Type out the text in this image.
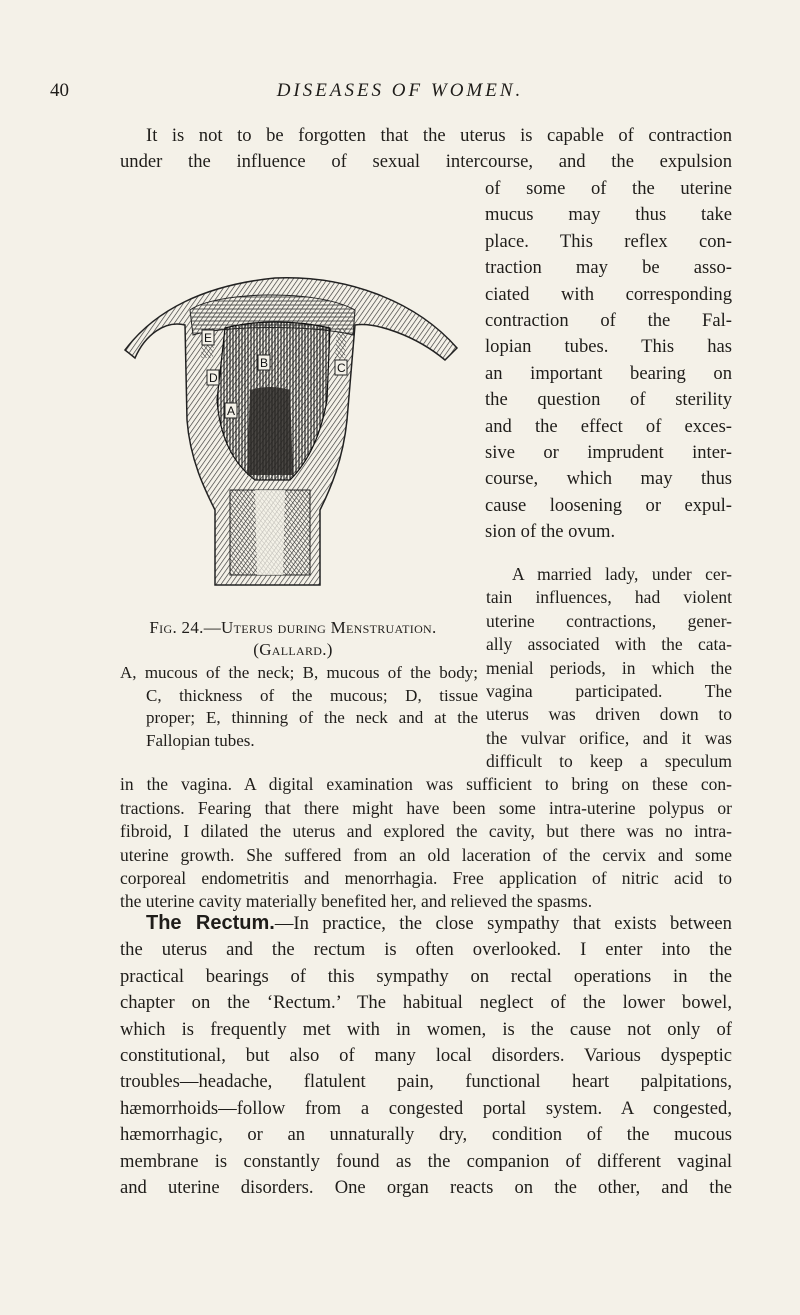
40	DISEASES OF WOMEN.
It is not to be forgotten that the uterus is capable of contraction
under the influence of sexual intercourse, and the expulsion
of some of the uterine
mucus may thus take
place. This reflex con-
traction may be asso-
ciated with corresponding
contraction of the Fal-
lopian tubes. This has
an important bearing on
the question of sterility
and the effect of exces-
sive or imprudent inter-
course, which may thus
cause loosening or expul-
sion of the ovum.
E
B	C
D
A
Fig. 24.—Uterus during Menstruation.
(Gallard.)
A, mucous of the neck; B, mucous of the body;
C, thickness of the mucous; D, tissue
proper; E, thinning of the neck and at the
Fallopian tubes.
A married lady, under cer-
tain influences, had violent
uterine contractions, gener-
ally associated with the cata-
menial periods, in which the
vagina participated. The
uterus was driven down to
the vulvar orifice, and it was
difficult to keep a speculum
in the vagina. A digital examination was sufficient to bring on these con-
tractions. Fearing that there might have been some intra-uterine polypus or
fibroid, I dilated the uterus and explored the cavity, but there was no intra-
uterine growth. She suffered from an old laceration of the cervix and some
corporeal endometritis and menorrhagia. Free application of nitric acid to
the uterine cavity materially benefited her, and relieved the spasms.
The Rectum.—In practice, the close sympathy that exists between
the uterus and the rectum is often overlooked. I enter into the
practical bearings of this sympathy on rectal operations in the
chapter on the ‘Rectum.’ The habitual neglect of the lower bowel,
which is frequently met with in women, is the cause not only of
constitutional, but also of many local disorders. Various dyspeptic
troubles—headache, flatulent pain, functional heart palpitations,
hæmorrhoids—follow from a congested portal system. A congested,
hæmorrhagic, or an unnaturally dry, condition of the mucous
membrane is constantly found as the companion of different vaginal
and uterine disorders. One organ reacts on the other, and the
